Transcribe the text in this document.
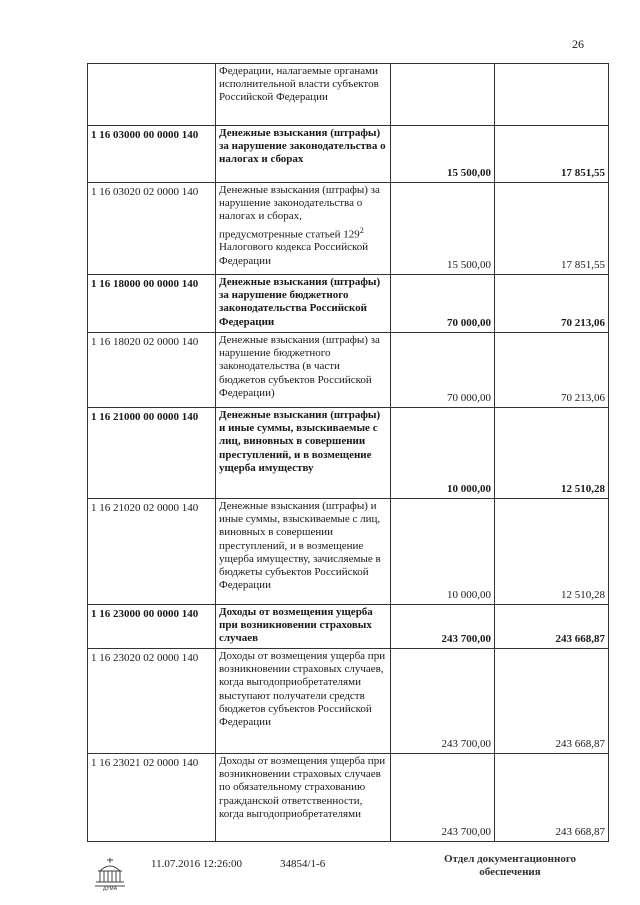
26
	Федерации, налагаемые органами исполнительной власти субъектов Российской Федерации		
1 16 03000 00 0000 140	Денежные взыскания (штрафы) за нарушение законодательства о налогах и сборах	15 500,00	17 851,55
1 16 03020 02 0000 140	Денежные взыскания (штрафы) за нарушение законодательства о налогах и сборах, предусмотренные статьей $129^2$ Налогового кодекса Российской Федерации	15 500,00	17 851,55
1 16 18000 00 0000 140	Денежные взыскания (штрафы) за нарушение бюджетного законодательства Российской Федерации	70 000,00	70 213,06
1 16 18020 02 0000 140	Денежные взыскания (штрафы) за нарушение бюджетного законодательства (в части бюджетов субъектов Российской Федерации)	70 000,00	70 213,06
1 16 21000 00 0000 140	Денежные взыскания (штрафы) и иные суммы, взыскиваемые с лиц, виновных в совершении преступлений, и в возмещение ущерба имуществу	10 000,00	12 510,28
1 16 21020 02 0000 140	Денежные взыскания (штрафы) и иные суммы, взыскиваемые с лиц, виновных в совершении преступлений, и в возмещение ущерба имуществу, зачисляемые в бюджеты субъектов Российской Федерации	10 000,00	12 510,28
1 16 23000 00 0000 140	Доходы от возмещения ущерба при возникновении страховых случаев	243 700,00	243 668,87
1 16 23020 02 0000 140	Доходы от возмещения ущерба при возникновении страховых случаев, когда выгодоприобретателями выступают получатели средств бюджетов субъектов Российской Федерации	243 700,00	243 668,87
1 16 23021 02 0000 140	Доходы от возмещения ущерба при возникновении страховых случаев по обязательному страхованию гражданской ответственности, когда выгодоприобретателями	243 700,00	243 668,87
ДУМА
11.07.2016 12:26:00	34854/1-6	Отдел документационного
обеспечения
